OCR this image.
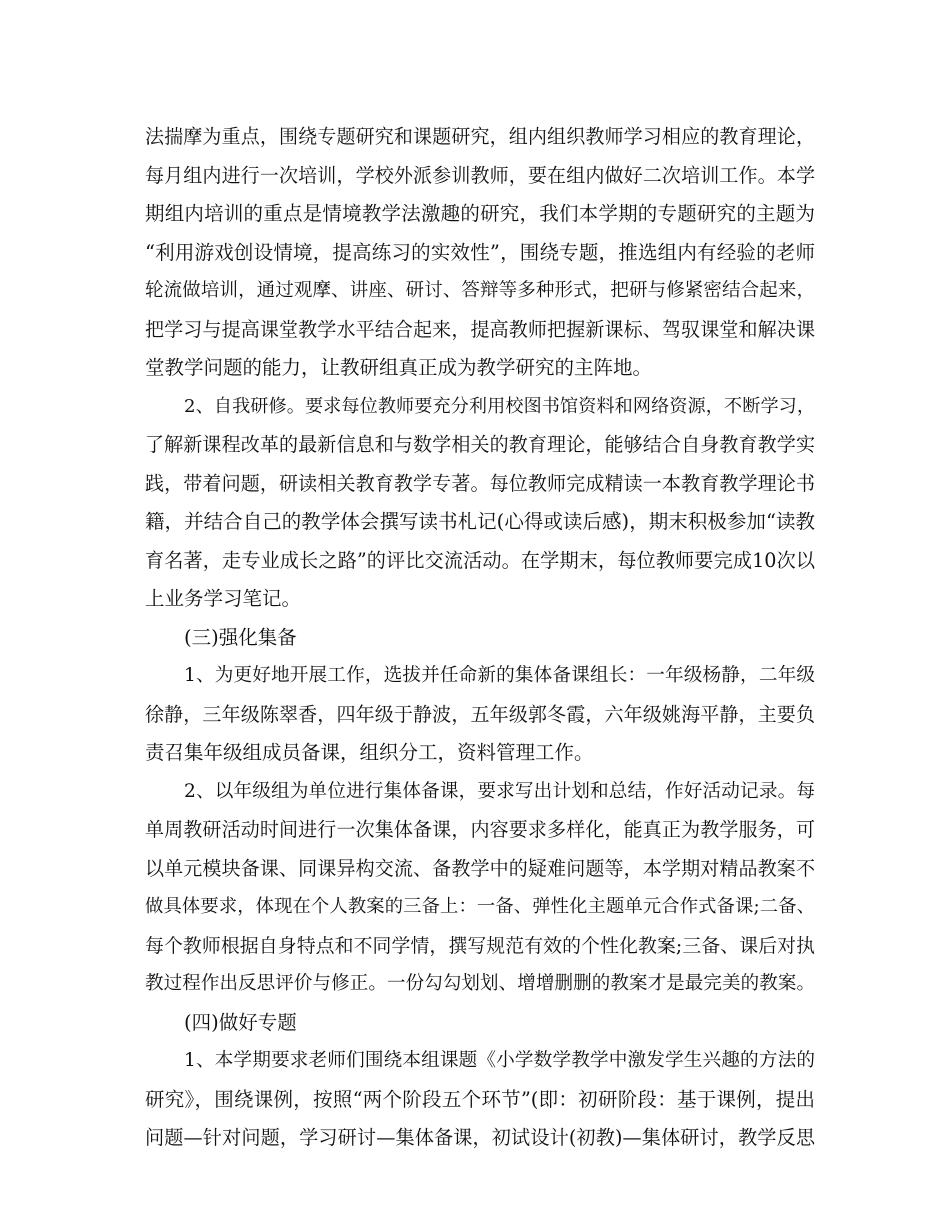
法揣摩为重点，围绕专题研究和课题研究，组内组织教师学习相应的教育理论，
每月组内进行一次培训，学校外派参训教师，要在组内做好二次培训工作。本学
期组内培训的重点是情境教学法激趣的研究，我们本学期的专题研究的主题为
“利用游戏创设情境，提高练习的实效性”，围绕专题，推选组内有经验的老师
轮流做培训，通过观摩、讲座、研讨、答辩等多种形式，把研与修紧密结合起来，
把学习与提高课堂教学水平结合起来，提高教师把握新课标、驾驭课堂和解决课
堂教学问题的能力，让教研组真正成为教学研究的主阵地。
2、自我研修。要求每位教师要充分利用校图书馆资料和网络资源，不断学习，
了解新课程改革的最新信息和与数学相关的教育理论，能够结合自身教育教学实
践，带着问题，研读相关教育教学专著。每位教师完成精读一本教育教学理论书
籍，并结合自己的教学体会撰写读书札记(心得或读后感)，期末积极参加“读教
育名著，走专业成长之路”的评比交流活动。在学期末，每位教师要完成10次以
上业务学习笔记。
(三)强化集备
1、为更好地开展工作，选拔并任命新的集体备课组长：一年级杨静，二年级
徐静，三年级陈翠香，四年级于静波，五年级郭冬霞，六年级姚海平静，主要负
责召集年级组成员备课，组织分工，资料管理工作。
2、以年级组为单位进行集体备课，要求写出计划和总结，作好活动记录。每
单周教研活动时间进行一次集体备课，内容要求多样化，能真正为教学服务，可
以单元模块备课、同课异构交流、备教学中的疑难问题等，本学期对精品教案不
做具体要求，体现在个人教案的三备上：一备、弹性化主题单元合作式备课;二备、
每个教师根据自身特点和不同学情，撰写规范有效的个性化教案;三备、课后对执
教过程作出反思评价与修正。一份勾勾划划、增增删删的教案才是最完美的教案。
(四)做好专题
1、本学期要求老师们围绕本组课题《小学数学教学中激发学生兴趣的方法的
研究》，围绕课例，按照“两个阶段五个环节”(即：初研阶段：基于课例，提出
问题—针对问题，学习研讨—集体备课，初试设计(初教)—集体研讨，教学反思
